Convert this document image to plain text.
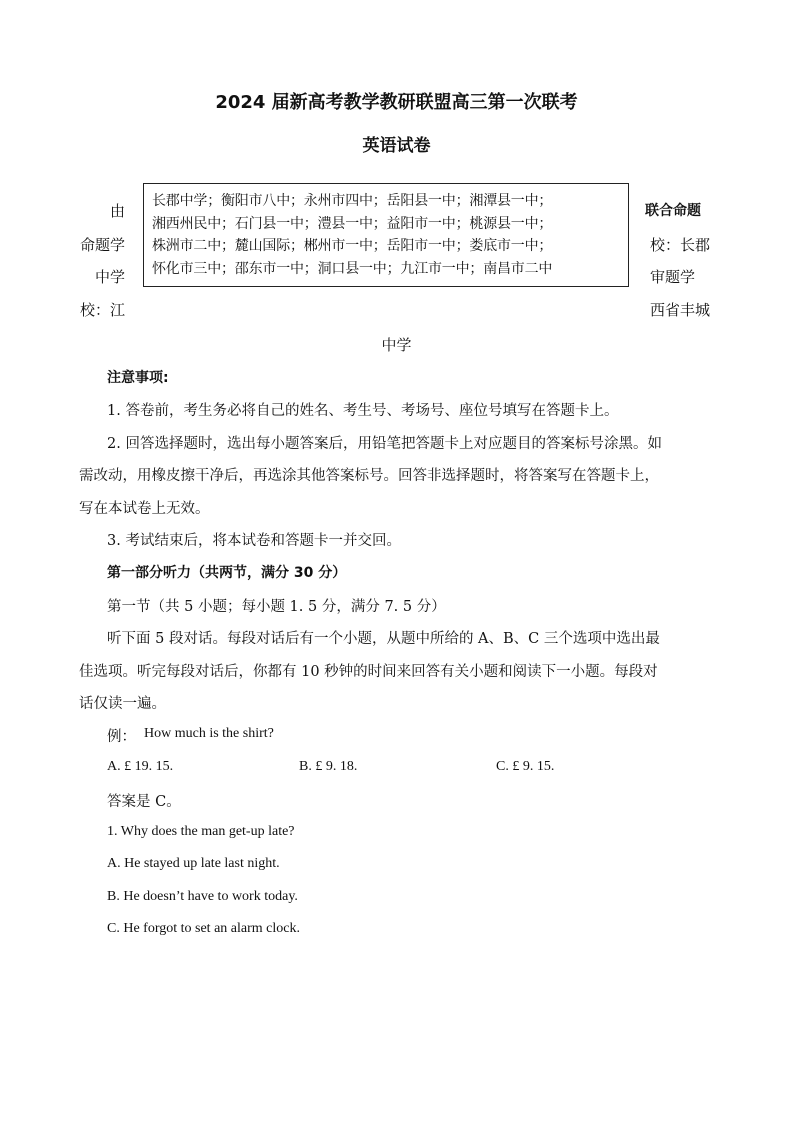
2024 届新高考教学教研联盟高三第一次联考
英语试卷
由
命题学
中学
校：江
联合命题
校：长郡
审题学
西省丰城
长郡中学；衡阳市八中；永州市四中；岳阳县一中；湘潭县一中；
湘西州民中；石门县一中；澧县一中；益阳市一中；桃源县一中；
株洲市二中；麓山国际；郴州市一中；岳阳市一中；娄底市一中；
怀化市三中；邵东市一中；洞口县一中；九江市一中；南昌市二中
中学
注意事项:
1. 答卷前，考生务必将自己的姓名、考生号、考场号、座位号填写在答题卡上。
2. 回答选择题时，选出每小题答案后，用铅笔把答题卡上对应题目的答案标号涂黑。如
需改动，用橡皮擦干净后，再选涂其他答案标号。回答非选择题时，将答案写在答题卡上，
写在本试卷上无效。
3. 考试结束后，将本试卷和答题卡一并交回。
第一部分听力（共两节，满分 30 分）
第一节（共 5 小题；每小题 1. 5 分，满分 7. 5 分）
听下面 5 段对话。每段对话后有一个小题，从题中所给的 A、B、C 三个选项中选出最
佳选项。听完每段对话后，你都有 10 秒钟的时间来回答有关小题和阅读下一小题。每段对
话仅读一遍。
例： How much is the shirt?
A. £ 19. 15.	B. £ 9. 18.	C. £ 9. 15.
答案是 C。
1. Why does the man get-up late?
A. He stayed up late last night.
B. He doesn’t have to work today.
C. He forgot to set an alarm clock.
